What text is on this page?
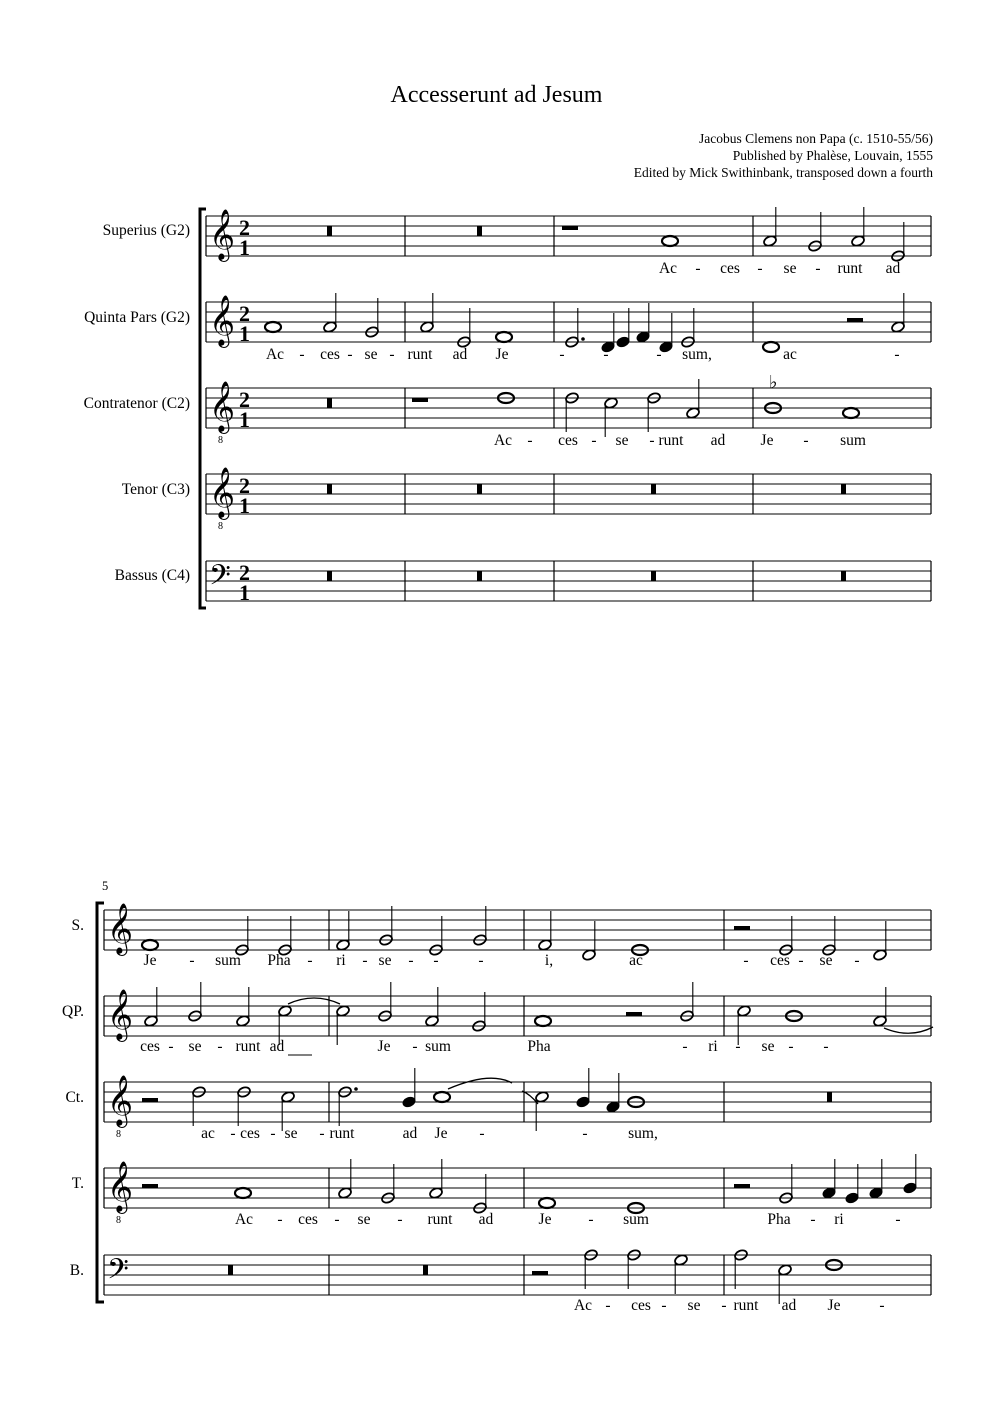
Accesserunt ad Jesum
Jacobus Clemens non Papa (c. 1510-55/56)
Published by Phalèse, Louvain, 1555
Edited by Mick Swithinbank, transposed down a fourth
Superius (G2)
Quinta Pars (G2)
Contratenor (C2)
Tenor (C3)
Bassus (C4)
S.
QP.
Ct.
T.
B.
5
𝄞 2
1
𝄞 2
1
𝄞
8
2
1
𝄞
8
2
1
𝄢 2
1
Ac - ces - se - runt ad
Ac - ces - se - runt ad Je	-	-	- sum,	ac	-
♭
Ac - ces - se - runt ad Je - sum
𝄞
𝄞
𝄞
8
𝄞
8
𝄢
Je - sum Pha - ri - se - -	-	i,	ac	- ces - se -
ces - se - runt ad	Je - sum	Pha	- ri - se - -
ac - ces - se - runt	ad Je -	-	sum,
Ac - ces - se - runt ad	Je - sum	Pha - ri	-
Ac - ces - se - runt ad Je	-
